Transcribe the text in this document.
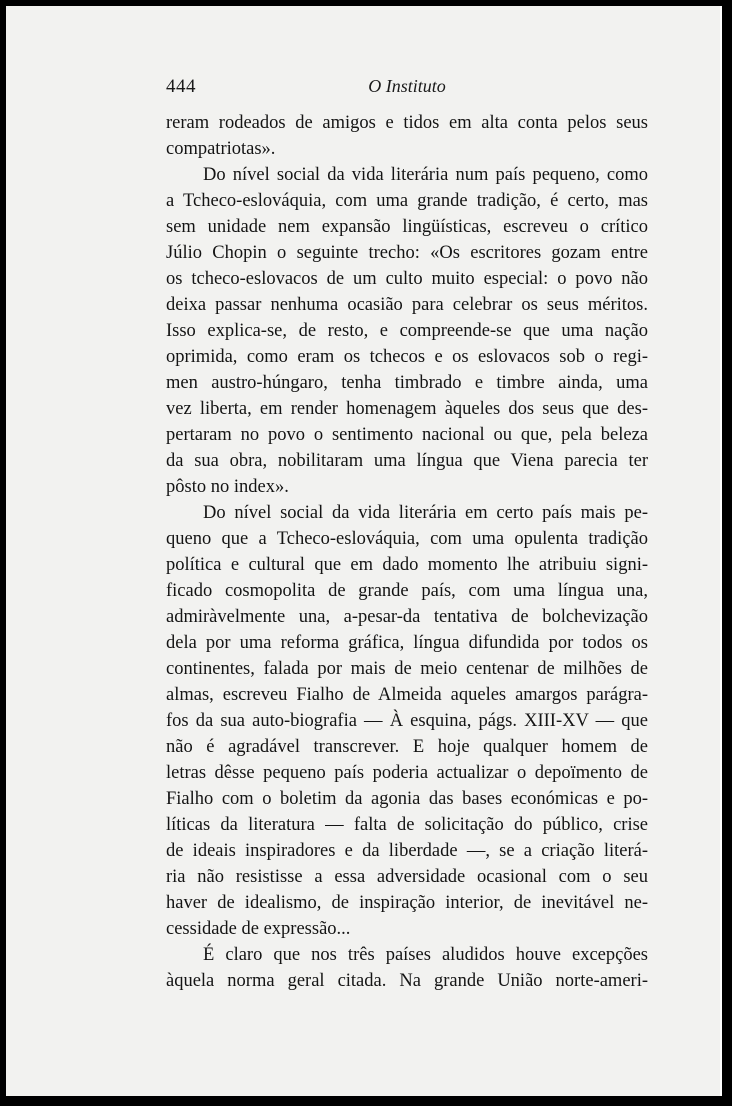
444	O Instituto

reram rodeados de amigos e tidos em alta conta pelos seus

compatriotas».

Do nível social da vida literária num país pequeno, como

a Tcheco-eslováquia, com uma grande tradição, é certo, mas

sem unidade nem expansão lingüísticas, escreveu o crítico

Júlio Chopin o seguinte trecho: «Os escritores gozam entre

os tcheco-eslovacos de um culto muito especial: o povo não

deixa passar nenhuma ocasião para celebrar os seus méritos.

Isso explica-se, de resto, e compreende-se que uma nação

oprimida, como eram os tchecos e os eslovacos sob o regi-

men austro-húngaro, tenha timbrado e timbre ainda, uma

vez liberta, em render homenagem àqueles dos seus que des-

pertaram no povo o sentimento nacional ou que, pela beleza

da sua obra, nobilitaram uma língua que Viena parecia ter

pôsto no index».

Do nível social da vida literária em certo país mais pe-

queno que a Tcheco-eslováquia, com uma opulenta tradição

política e cultural que em dado momento lhe atribuiu signi-

ficado cosmopolita de grande país, com uma língua una,

admiràvelmente una, a-pesar-da tentativa de bolchevização

dela por uma reforma gráfica, língua difundida por todos os

continentes, falada por mais de meio centenar de milhões de

almas, escreveu Fialho de Almeida aqueles amargos parágra-

fos da sua auto-biografia — À esquina, págs. XIII-XV — que

não é agradável transcrever. E hoje qualquer homem de

letras dêsse pequeno país poderia actualizar o depoïmento de

Fialho com o boletim da agonia das bases económicas e po-

líticas da literatura — falta de solicitação do público, crise

de ideais inspiradores e da liberdade —, se a criação literá-

ria não resistisse a essa adversidade ocasional com o seu

haver de idealismo, de inspiração interior, de inevitável ne-

cessidade de expressão...

É claro que nos três países aludidos houve excepções

àquela norma geral citada. Na grande União norte-ameri-
